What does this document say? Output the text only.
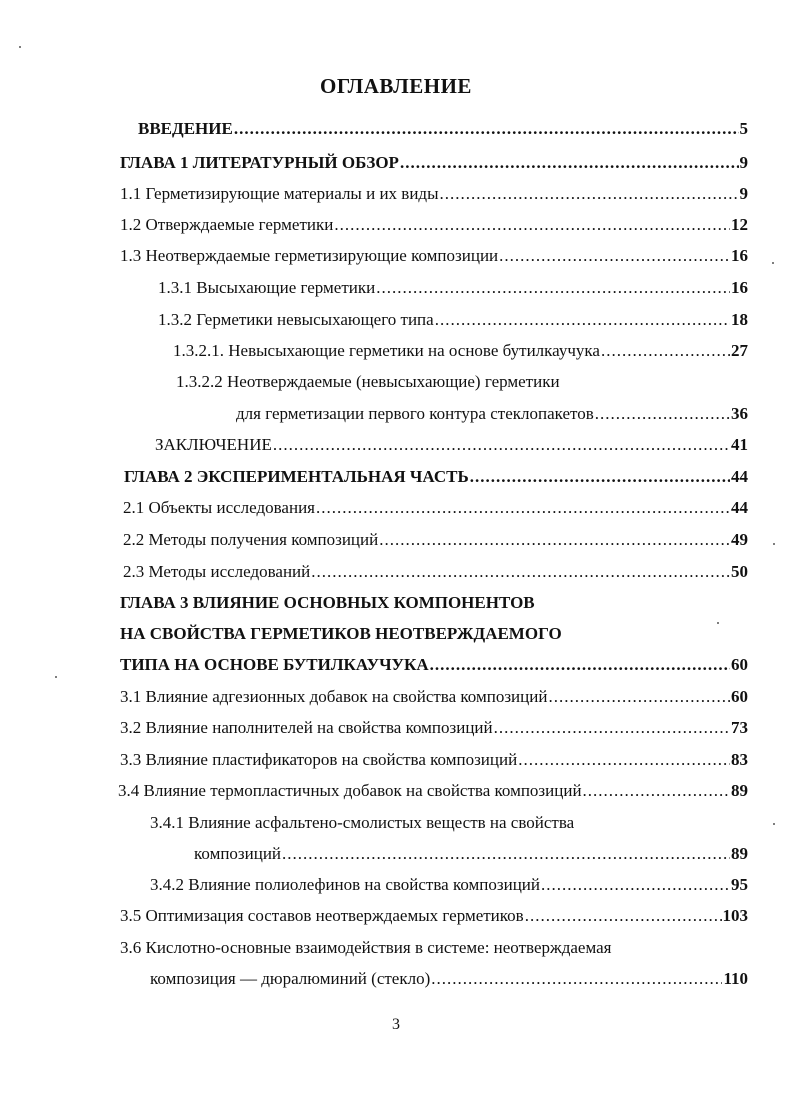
ОГЛАВЛЕНИЕ
ВВЕДЕНИЕ .....	5
ГЛАВА 1 ЛИТЕРАТУРНЫЙ ОБЗОР .....	9
1.1 Герметизирующие материалы и их виды .....	9
1.2 Отверждаемые герметики .....	12
1.3 Неотверждаемые герметизирующие композиции .....	16
1.3.1 Высыхающие герметики .....	16
1.3.2 Герметики невысыхающего типа .....	18
1.3.2.1. Невысыхающие герметики на основе бутилкаучука .....	27
1.3.2.2 Неотверждаемые (невысыхающие) герметики
для герметизации первого контура стеклопакетов .....	36
ЗАКЛЮЧЕНИЕ .....	41
ГЛАВА 2 ЭКСПЕРИМЕНТАЛЬНАЯ ЧАСТЬ .....	44
2.1 Объекты исследования .....	44
2.2 Методы получения композиций .....	49
2.3 Методы исследований .....	50
ГЛАВА 3 ВЛИЯНИЕ ОСНОВНЫХ КОМПОНЕНТОВ
НА СВОЙСТВА ГЕРМЕТИКОВ НЕОТВЕРЖДАЕМОГО
ТИПА НА ОСНОВЕ БУТИЛКАУЧУКА .....	60
3.1 Влияние адгезионных добавок на свойства композиций .....	60
3.2 Влияние наполнителей на свойства композиций .....	73
3.3 Влияние пластификаторов на свойства композиций .....	83
3.4 Влияние термопластичных добавок на свойства композиций .....	89
3.4.1 Влияние асфальтено-смолистых веществ на свойства
композиций .....	89
3.4.2 Влияние полиолефинов на свойства композиций .....	95
3.5 Оптимизация составов неотверждаемых герметиков .....	103
3.6 Кислотно-основные взаимодействия в системе: неотверждаемая
композиция — дюралюминий (стекло) .....	110
3
